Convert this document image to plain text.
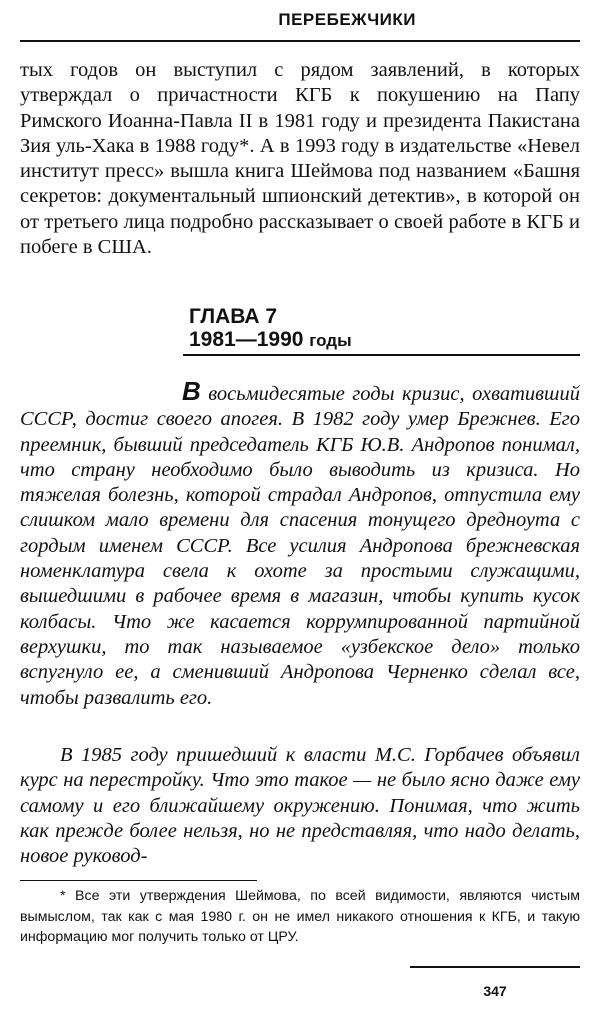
ПЕРЕБЕЖЧИКИ
тых годов он выступил с рядом заявлений, в которых утверждал о причастности КГБ к покушению на Папу Римского Иоанна-Павла II в 1981 году и президента Пакистана Зия уль-Хака в 1988 году*. А в 1993 году в издательстве «Невел институт пресс» вышла книга Шеймова под названием «Башня секретов: документальный шпионский детектив», в которой он от третьего лица подробно рассказывает о своей работе в КГБ и побеге в США.
ГЛАВА 7
1981—1990 годы
В восьмидесятые годы кризис, охвативший СССР, достиг своего апогея. В 1982 году умер Брежнев. Его преемник, бывший председатель КГБ Ю.В. Андропов понимал, что страну необходимо было выводить из кризиса. Но тяжелая болезнь, которой страдал Андропов, отпустила ему слишком мало времени для спасения тонущего дредноута с гордым именем СССР. Все усилия Андропова брежневская номенклатура свела к охоте за простыми служащими, вышедшими в рабочее время в магазин, чтобы купить кусок колбасы. Что же касается коррумпированной партийной верхушки, то так называемое «узбекское дело» только вспугнуло ее, а сменивший Андропова Черненко сделал все, чтобы развалить его.
В 1985 году пришедший к власти М.С. Горбачев объявил курс на перестройку. Что это такое — не было ясно даже ему самому и его ближайшему окружению. Понимая, что жить как прежде более нельзя, но не представляя, что надо делать, новое руковод-
* Все эти утверждения Шеймова, по всей видимости, являются чистым вымыслом, так как с мая 1980 г. он не имел никакого отношения к КГБ, и такую информацию мог получить только от ЦРУ.
347
